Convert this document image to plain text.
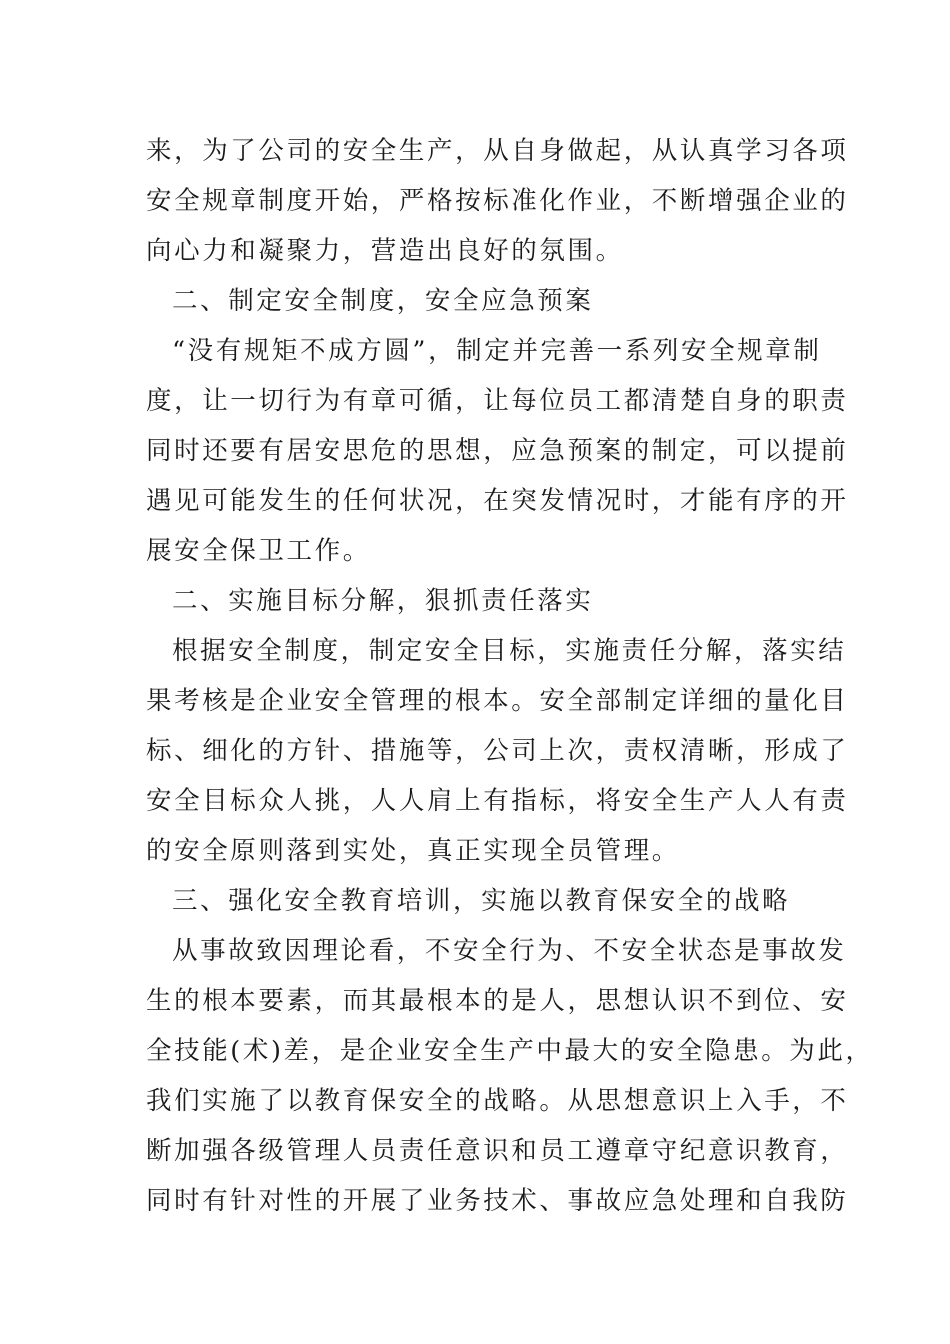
来，为了公司的安全生产，从自身做起，从认真学习各项
安全规章制度开始，严格按标准化作业，不断增强企业的
向心力和凝聚力，营造出良好的氛围。
二、制定安全制度，安全应急预案
“没有规矩不成方圆”，制定并完善一系列安全规章制
度，让一切行为有章可循，让每位员工都清楚自身的职责
同时还要有居安思危的思想，应急预案的制定，可以提前
遇见可能发生的任何状况，在突发情况时，才能有序的开
展安全保卫工作。
二、实施目标分解，狠抓责任落实
根据安全制度，制定安全目标，实施责任分解，落实结
果考核是企业安全管理的根本。安全部制定详细的量化目
标、细化的方针、措施等，公司上次，责权清晰，形成了
安全目标众人挑，人人肩上有指标，将安全生产人人有责
的安全原则落到实处，真正实现全员管理。
三、强化安全教育培训，实施以教育保安全的战略
从事故致因理论看，不安全行为、不安全状态是事故发
生的根本要素，而其最根本的是人，思想认识不到位、安
全技能(术)差，是企业安全生产中最大的安全隐患。为此，
我们实施了以教育保安全的战略。从思想意识上入手，不
断加强各级管理人员责任意识和员工遵章守纪意识教育，
同时有针对性的开展了业务技术、事故应急处理和自我防
